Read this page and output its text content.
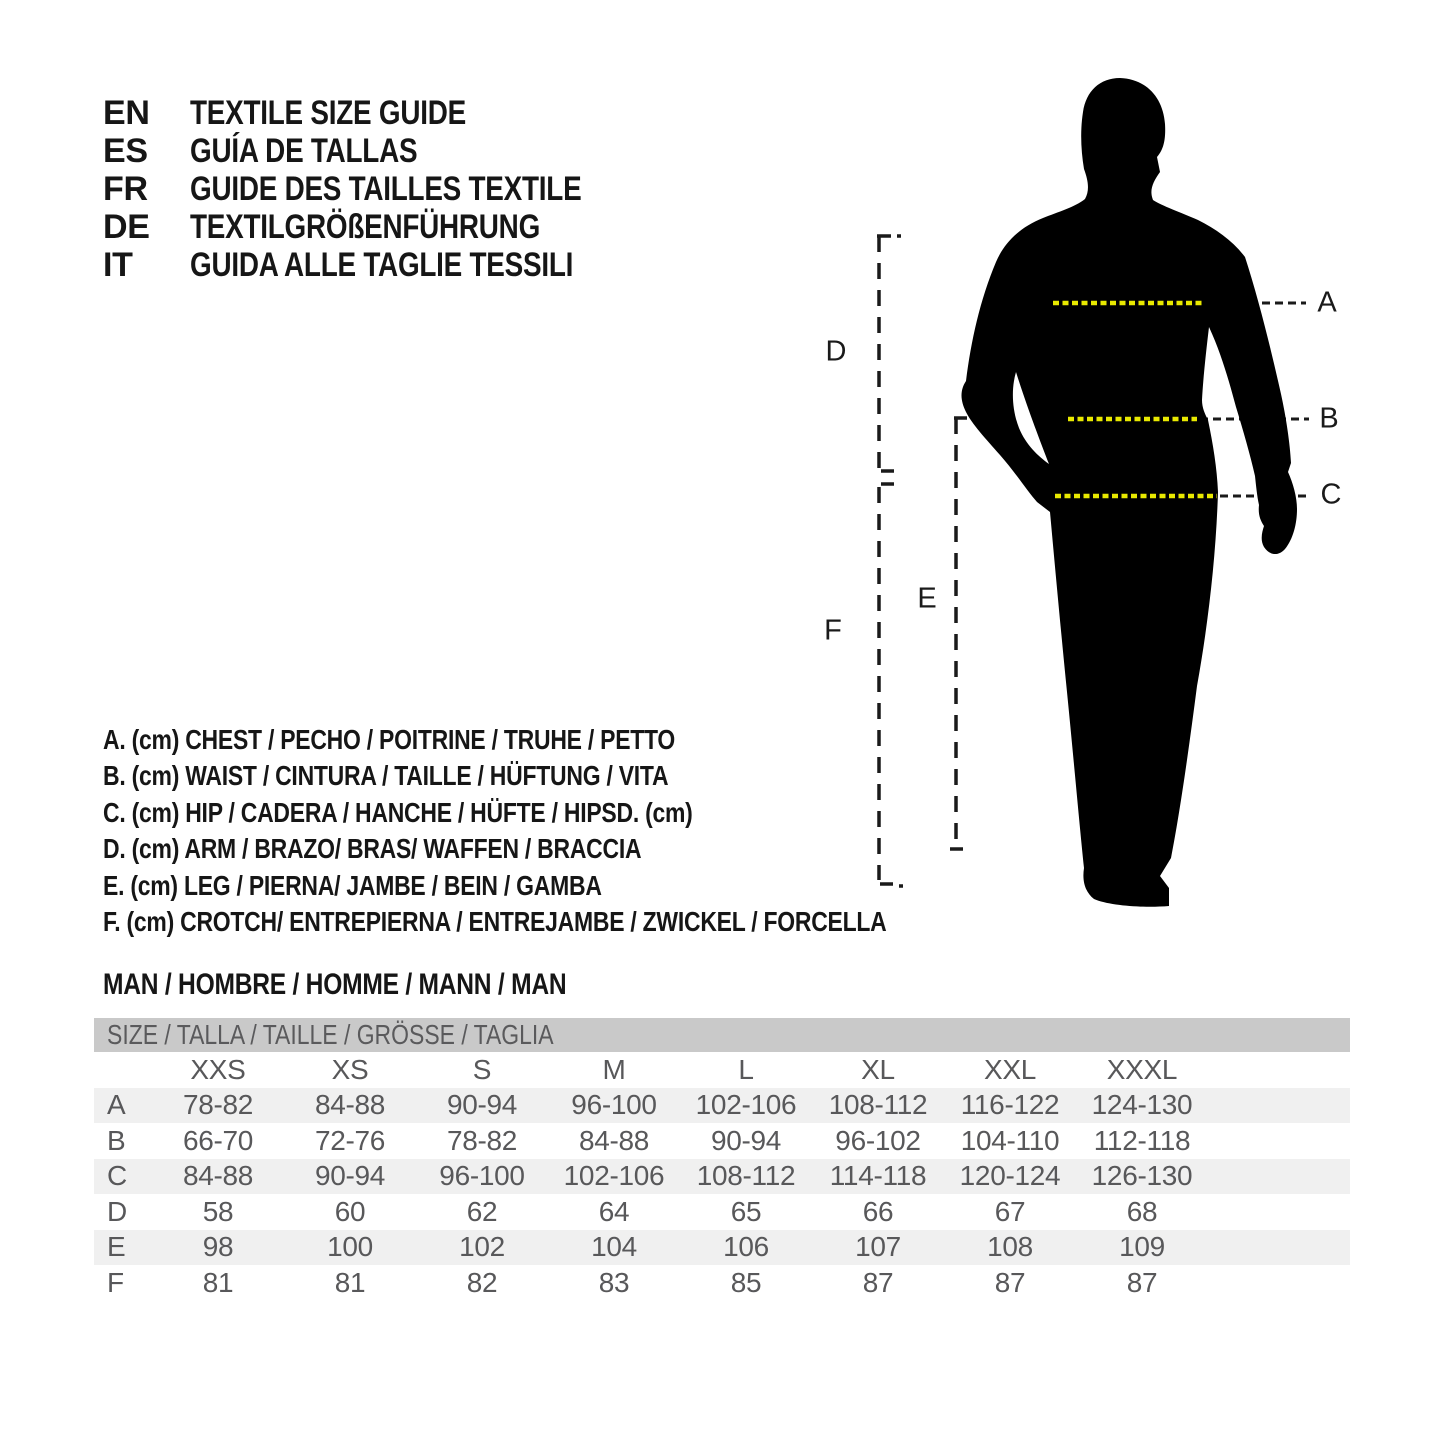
EN TEXTILE SIZE GUIDE
ES GUÍA DE TALLAS
FR GUIDE DES TAILLES TEXTILE
DE TEXTILGRÖßENFÜHRUNG
IT GUIDA ALLE TAGLIE TESSILI
A
B
C
D
E
F
A. (cm) CHEST / PECHO / POITRINE / TRUHE / PETTO
B. (cm) WAIST / CINTURA / TAILLE / HÜFTUNG / VITA
C. (cm) HIP / CADERA / HANCHE / HÜFTE / HIPSD. (cm)
D. (cm) ARM / BRAZO/ BRAS/ WAFFEN / BRACCIA
E. (cm) LEG / PIERNA/ JAMBE / BEIN / GAMBA
F. (cm) CROTCH/ ENTREPIERNA / ENTREJAMBE / ZWICKEL / FORCELLA
MAN / HOMBRE / HOMME / MANN / MAN
SIZE / TALLA / TAILLE / GRÖSSE / TAGLIA
	XXS	XS	S	M	L	XL	XXL	XXXL	
A	78-82	84-88	90-94	96-100	102-106	108-112	116-122	124-130	
B	66-70	72-76	78-82	84-88	90-94	96-102	104-110	112-118	
C	84-88	90-94	96-100	102-106	108-112	114-118	120-124	126-130	
D	58	60	62	64	65	66	67	68	
E	98	100	102	104	106	107	108	109	
F	81	81	82	83	85	87	87	87	
